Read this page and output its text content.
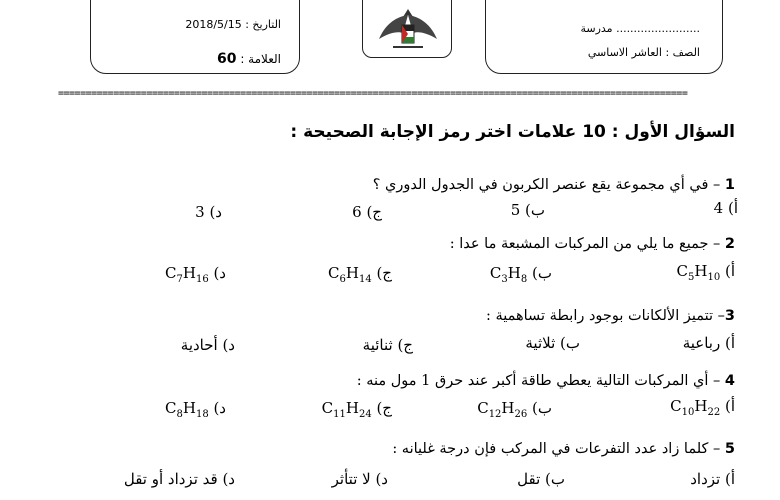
التاريخ : 2018/5/15
العلامة : 60
........................ مدرسة
الصف : العاشر الاساسي
==================================================================================================================
السؤال الأول : 10 علامات اختر رمز الإجابة الصحيحة :
1 – في أي مجموعة يقع عنصر الكربون في الجدول الدوري ؟
أ) 4
ب) 5
ج) 6
د) 3
2 – جميع ما يلي من المركبات المشبعة ما عدا :
أ) $C_5H_{10}$
ب) $C_3H_8$
ج) $C_6H_{14}$
د) $C_7H_{16}$
3– تتميز الألكانات بوجود رابطة تساهمية :
أ) رباعية
ب) ثلاثية
ج) ثنائية
د) أحادية
4 – أي المركبات التالية يعطي طاقة أكبر عند حرق 1 مول منه :
أ) $C_{10}H_{22}$
ب) $C_{12}H_{26}$
ج) $C_{11}H_{24}$
د) $C_8H_{18}$
5 – كلما زاد عدد التفرعات في المركب فإن درجة غليانه :
أ) تزداد
ب) تقل
د) لا تتأثر
د) قد تزداد أو تقل
